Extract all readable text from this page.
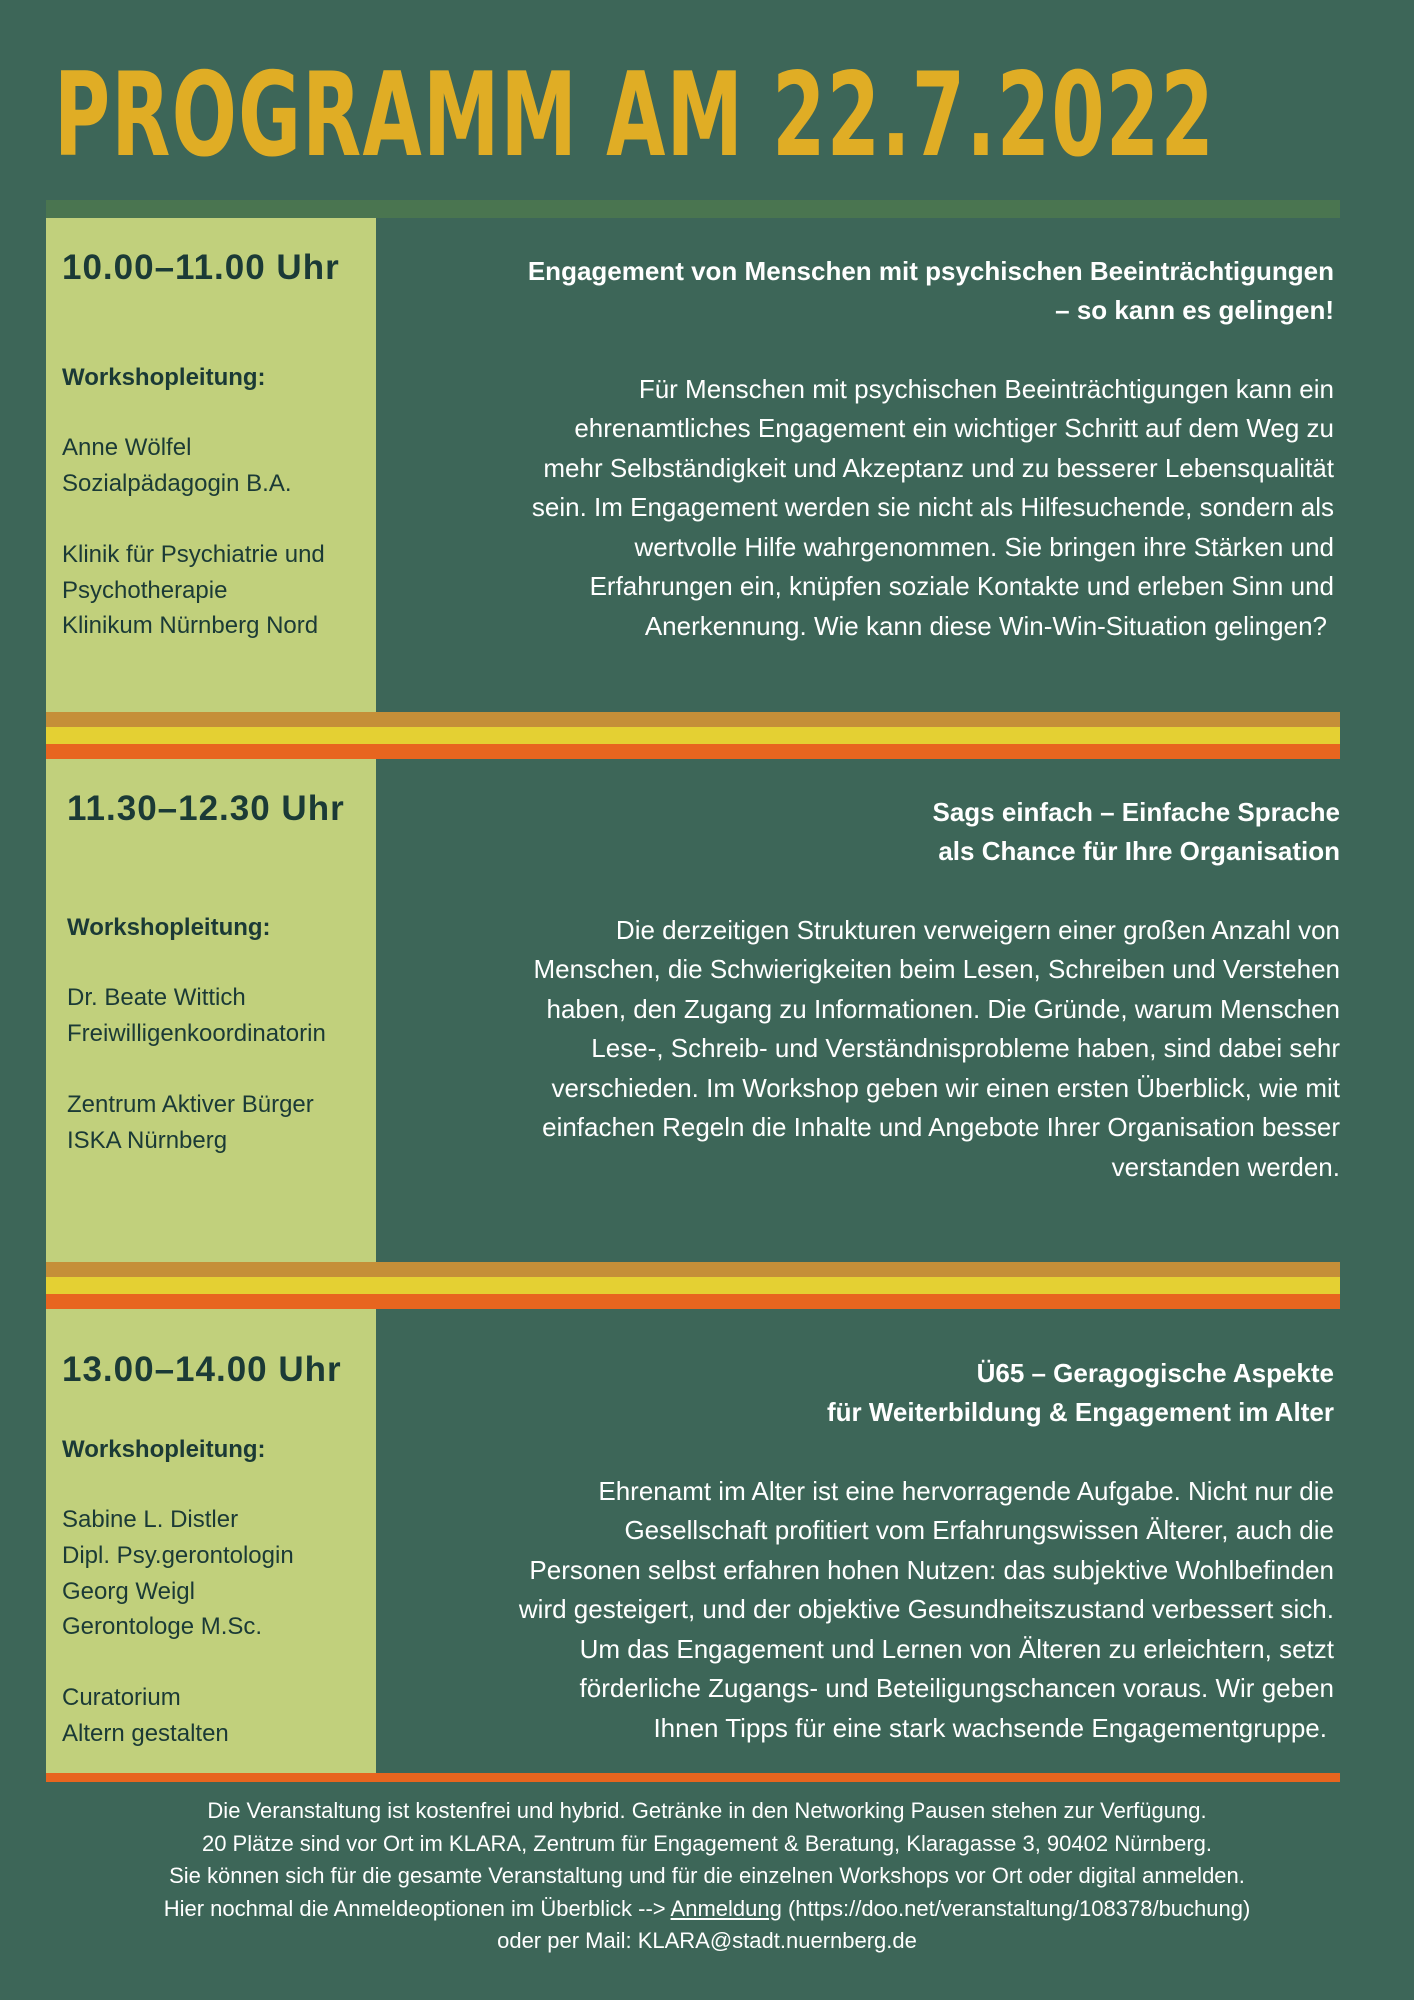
PROGRAMM AM 22.7.2022
10.00–11.00 Uhr
Workshopleitung:
Anne Wölfel
Sozialpädagogin B.A.
Klinik für Psychiatrie und
Psychotherapie
Klinikum Nürnberg Nord
Engagement von Menschen mit psychischen Beeinträchtigungen
– so kann es gelingen!
Für Menschen mit psychischen Beeinträchtigungen kann ein
ehrenamtliches Engagement ein wichtiger Schritt auf dem Weg zu
mehr Selbständigkeit und Akzeptanz und zu besserer Lebensqualität
sein. Im Engagement werden sie nicht als Hilfesuchende, sondern als
wertvolle Hilfe wahrgenommen. Sie bringen ihre Stärken und
Erfahrungen ein, knüpfen soziale Kontakte und erleben Sinn und
Anerkennung. Wie kann diese Win-Win-Situation gelingen?
11.30–12.30 Uhr
Workshopleitung:
Dr. Beate Wittich
Freiwilligenkoordinatorin
Zentrum Aktiver Bürger
ISKA Nürnberg
Sags einfach – Einfache Sprache
als Chance für Ihre Organisation
Die derzeitigen Strukturen verweigern einer großen Anzahl von
Menschen, die Schwierigkeiten beim Lesen, Schreiben und Verstehen
haben, den Zugang zu Informationen. Die Gründe, warum Menschen
Lese-, Schreib- und Verständnisprobleme haben, sind dabei sehr
verschieden. Im Workshop geben wir einen ersten Überblick, wie mit
einfachen Regeln die Inhalte und Angebote Ihrer Organisation besser
verstanden werden.
13.00–14.00 Uhr
Workshopleitung:
Sabine L. Distler
Dipl. Psy.gerontologin
Georg Weigl
Gerontologe M.Sc.
Curatorium
Altern gestalten
Ü65 – Geragogische Aspekte
für Weiterbildung & Engagement im Alter
Ehrenamt im Alter ist eine hervorragende Aufgabe. Nicht nur die
Gesellschaft profitiert vom Erfahrungswissen Älterer, auch die
Personen selbst erfahren hohen Nutzen: das subjektive Wohlbefinden
wird gesteigert, und der objektive Gesundheitszustand verbessert sich.
Um das Engagement und Lernen von Älteren zu erleichtern, setzt
förderliche Zugangs- und Beteiligungschancen voraus. Wir geben
Ihnen Tipps für eine stark wachsende Engagementgruppe.
Die Veranstaltung ist kostenfrei und hybrid. Getränke in den Networking Pausen stehen zur Verfügung.
20 Plätze sind vor Ort im KLARA, Zentrum für Engagement & Beratung, Klaragasse 3, 90402 Nürnberg.
Sie können sich für die gesamte Veranstaltung und für die einzelnen Workshops vor Ort oder digital anmelden.
Hier nochmal die Anmeldeoptionen im Überblick --> Anmeldung (https://doo.net/veranstaltung/108378/buchung)
oder per Mail: KLARA@stadt.nuernberg.de
